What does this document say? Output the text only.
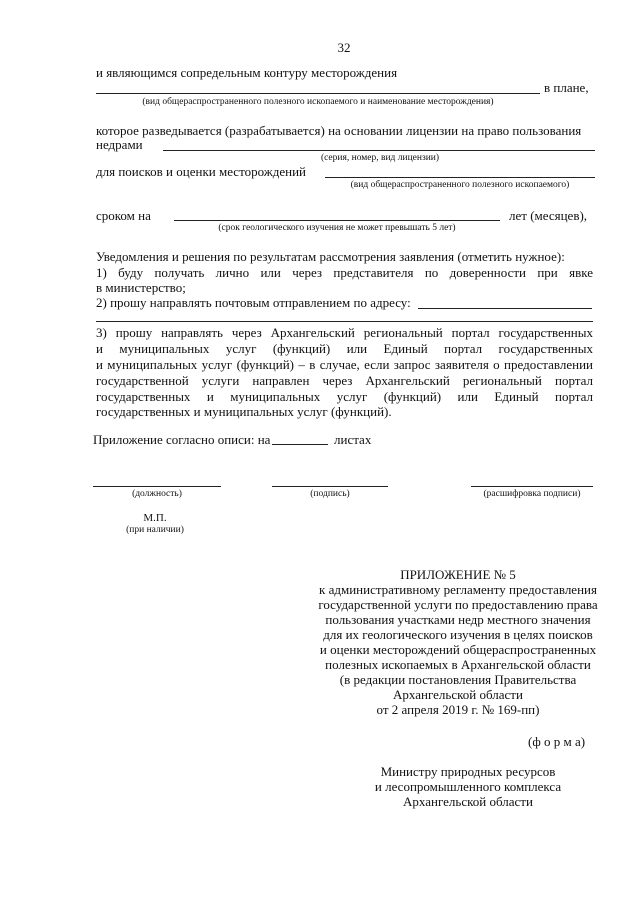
32
и являющимся сопредельным контуру месторождения
в плане,
(вид общераспространенного полезного ископаемого и наименование месторождения)
которое разведывается (разрабатывается) на основании лицензии на право пользования
недрами
(серия, номер, вид лицензии)
для поисков и оценки месторождений
(вид общераспространенного полезного ископаемого)
сроком на	лет (месяцев),
(срок геологического изучения не может превышать 5 лет)
Уведомления и решения по результатам рассмотрения заявления (отметить нужное):
1) буду получать лично или через представителя по доверенности при явке
в министерство;
2) прошу направлять почтовым отправлением по адресу:
3) прошу направлять через Архангельский региональный портал государственных
и муниципальных услуг (функций) или Единый портал государственных
и муниципальных услуг (функций) – в случае, если запрос заявителя о предоставлении
государственной услуги направлен через Архангельский региональный портал
государственных и муниципальных услуг (функций) или Единый портал
государственных и муниципальных услуг (функций).
Приложение согласно описи: на	листах
(должность)	(подпись)	(расшифровка подписи)
М.П.
(при наличии)
ПРИЛОЖЕНИЕ № 5
к административному регламенту предоставления
государственной услуги по предоставлению права
пользования участками недр местного значения
для их геологического изучения в целях поисков
и оценки месторождений общераспространенных
полезных ископаемых в Архангельской области
(в редакции постановления Правительства
Архангельской области
от 2 апреля 2019 г. № 169-пп)
(ф о р м а)
Министру природных ресурсов
и лесопромышленного комплекса
Архангельской области
